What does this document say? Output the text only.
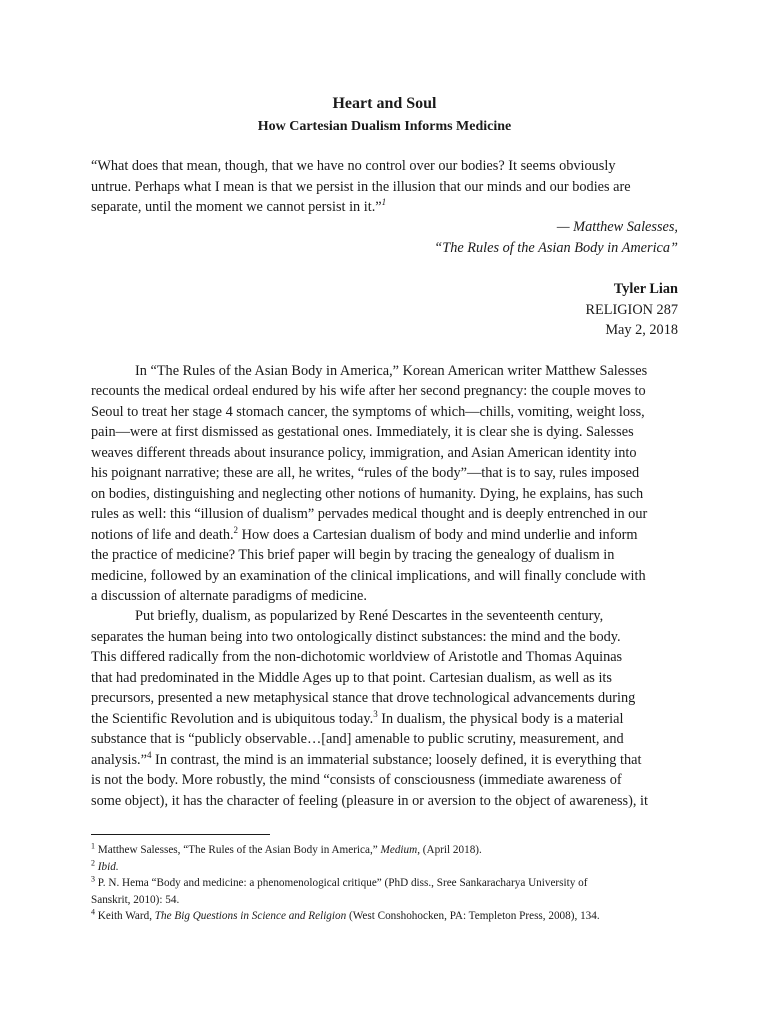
Heart and Soul
How Cartesian Dualism Informs Medicine
“What does that mean, though, that we have no control over our bodies? It seems obviously
untrue. Perhaps what I mean is that we persist in the illusion that our minds and our bodies are
separate, until the moment we cannot persist in it.”$^1$
— Matthew Salesses,
“The Rules of the Asian Body in America”
Tyler Lian
RELIGION 287
May 2, 2018
In “The Rules of the Asian Body in America,” Korean American writer Matthew Salesses
recounts the medical ordeal endured by his wife after her second pregnancy: the couple moves to
Seoul to treat her stage 4 stomach cancer, the symptoms of which—chills, vomiting, weight loss,
pain—were at first dismissed as gestational ones. Immediately, it is clear she is dying. Salesses
weaves different threads about insurance policy, immigration, and Asian American identity into
his poignant narrative; these are all, he writes, “rules of the body”—that is to say, rules imposed
on bodies, distinguishing and neglecting other notions of humanity. Dying, he explains, has such
rules as well: this “illusion of dualism” pervades medical thought and is deeply entrenched in our
notions of life and death.$^2$ How does a Cartesian dualism of body and mind underlie and inform
the practice of medicine? This brief paper will begin by tracing the genealogy of dualism in
medicine, followed by an examination of the clinical implications, and will finally conclude with
a discussion of alternate paradigms of medicine.
Put briefly, dualism, as popularized by René Descartes in the seventeenth century,
separates the human being into two ontologically distinct substances: the mind and the body.
This differed radically from the non-dichotomic worldview of Aristotle and Thomas Aquinas
that had predominated in the Middle Ages up to that point. Cartesian dualism, as well as its
precursors, presented a new metaphysical stance that drove technological advancements during
the Scientific Revolution and is ubiquitous today.$^3$ In dualism, the physical body is a material
substance that is “publicly observable…[and] amenable to public scrutiny, measurement, and
analysis.”$^4$ In contrast, the mind is an immaterial substance; loosely defined, it is everything that
is not the body. More robustly, the mind “consists of consciousness (immediate awareness of
some object), it has the character of feeling (pleasure in or aversion to the object of awareness), it
$^1$ Matthew Salesses, “The Rules of the Asian Body in America,” Medium, (April 2018).
$^2$ Ibid.
$^3$ P. N. Hema “Body and medicine: a phenomenological critique” (PhD diss., Sree Sankaracharya University of
Sanskrit, 2010): 54.
$^4$ Keith Ward, The Big Questions in Science and Religion (West Conshohocken, PA: Templeton Press, 2008), 134.
